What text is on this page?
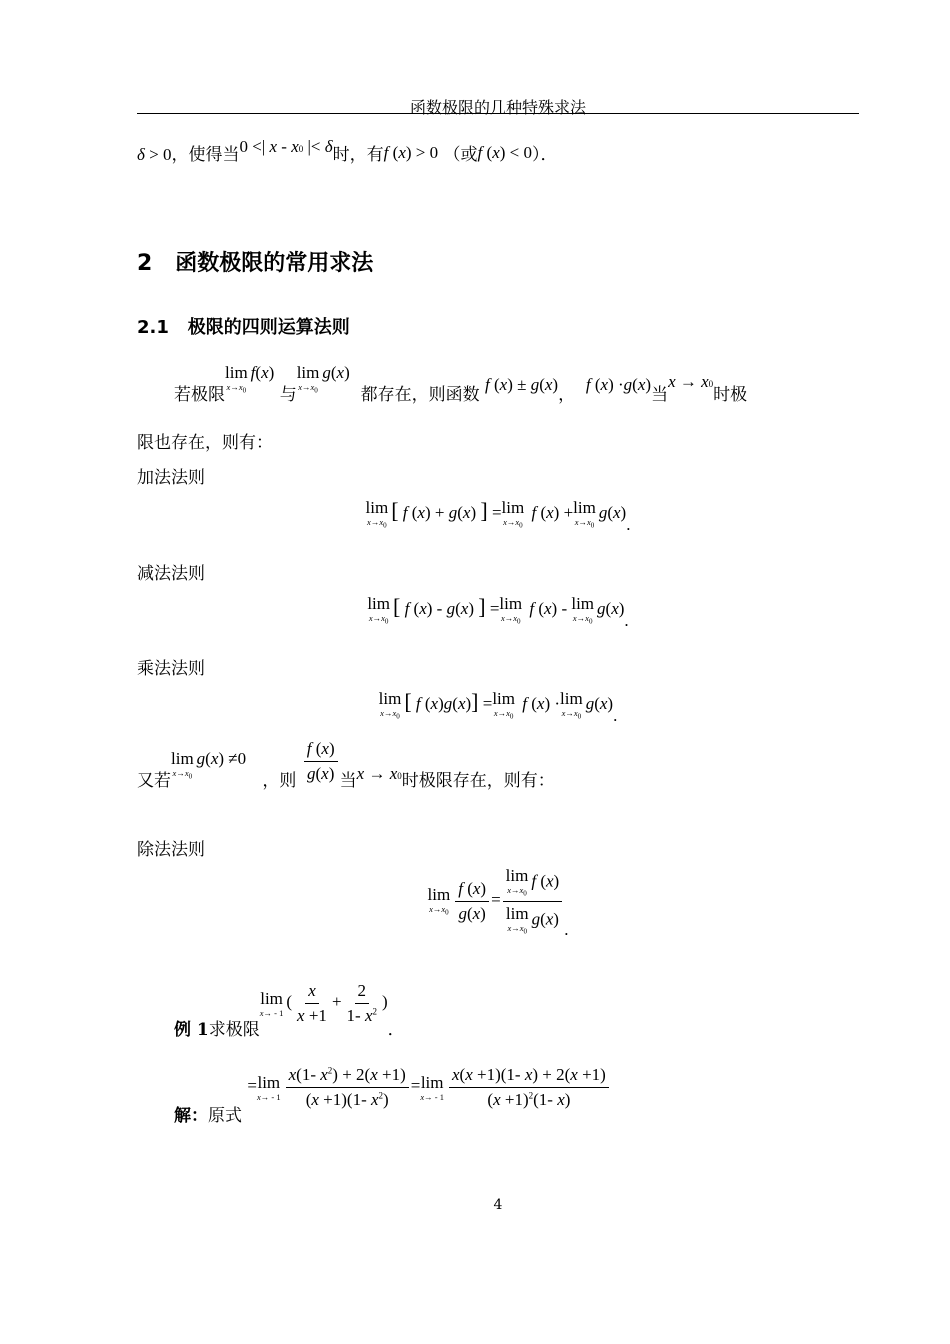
函数极限的几种特殊求法
δ > 0，使得当0 <| x - x0 |< δ时，有f (x) > 0 （或f (x) < 0）．
2 函数极限的常用求法
2.1 极限的四则运算法则
若极限
lim
$x\to x_0$
f(x) 与
lim
$x\to x_0$
g(x)  都存在，则函数 f (x) ± g(x)，  f (x) ·g(x)当x → x0时极
限也存在，则有：
加法法则
lim
$x\to x_0$
[ f (x) + g(x) ] = lim
$x\to x_0$
f (x) + lim
$x\to x_0$
g(x).
减法法则
lim
$x\to x_0$
[ f (x) - g(x) ] = lim
$x\to x_0$
f (x) - lim
$x\to x_0$
g(x).
乘法法则
lim
$x\to x_0$
[ f (x)g(x)] = lim
$x\to x_0$
f (x) · lim
$x\to x_0$
g(x).
又若
lim
$x\to x_0$
g(x) ≠0   ，则 $\frac{f (x)}{g(x)}$ 当x → x0时极限存在，则有：
除法法则
lim
$x\to x_0 \frac{f (x)}{g(x)} = \lim$
$x\to x_0$
f (x)
lim
$x\to x_0$
g(x) .
例 1求极限
lim
x→ - 1
( $\frac{x}{x +1} + \frac{2}{1- x^2}$ )．
解：原式 = lim
$x\to - 1 \frac{x(1- x^2) + 2(x +1)}{(x +1)(1- x^2)} = \lim$
$x\to - 1 \frac{x(x +1)(1- x) + 2(x +1)}{(x +1)^2(1- x)}$
4
